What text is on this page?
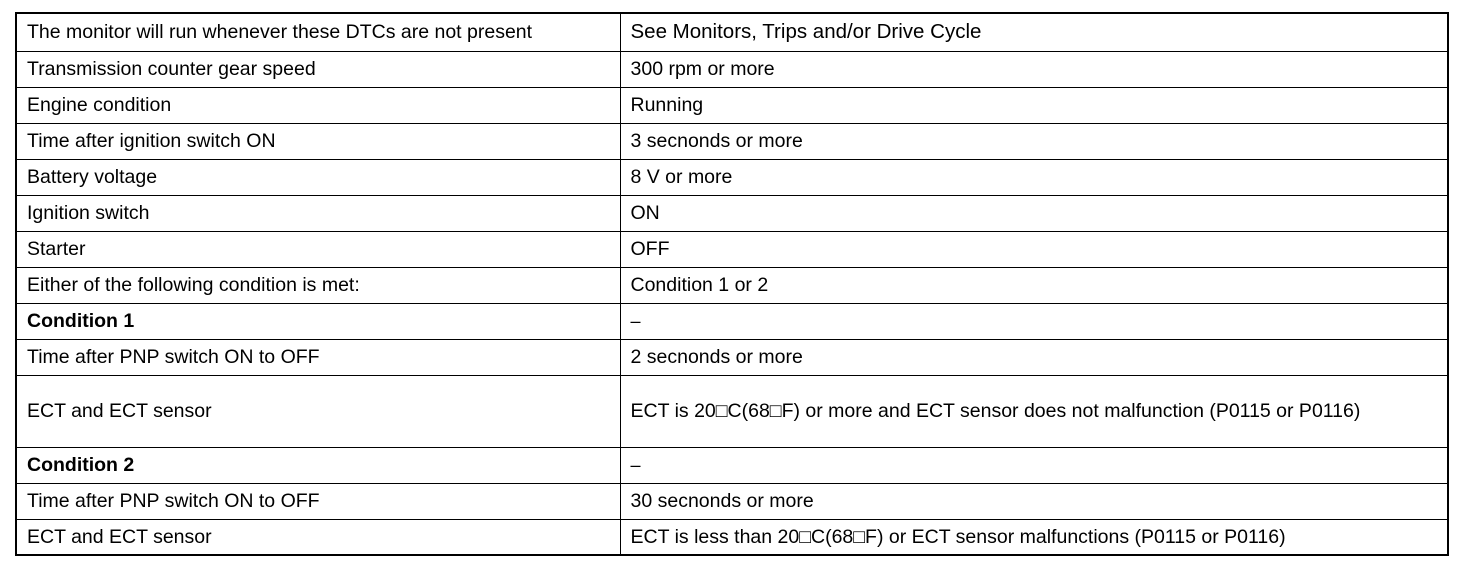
The monitor will run whenever these DTCs are not present	See Monitors, Trips and/or Drive Cycle
Transmission counter gear speed	300 rpm or more
Engine condition	Running
Time after ignition switch ON	3 secnonds or more
Battery voltage	8 V or more
Ignition switch	ON
Starter	OFF
Either of the following condition is met:	Condition 1 or 2
Condition 1	–
Time after PNP switch ON to OFF	2 secnonds or more
ECT and ECT sensor	ECT is 20□C(68□F) or more and ECT sensor does not malfunction (P0115 or P0116)
Condition 2	–
Time after PNP switch ON to OFF	30 secnonds or more
ECT and ECT sensor	ECT is less than 20□C(68□F) or ECT sensor malfunctions (P0115 or P0116)
